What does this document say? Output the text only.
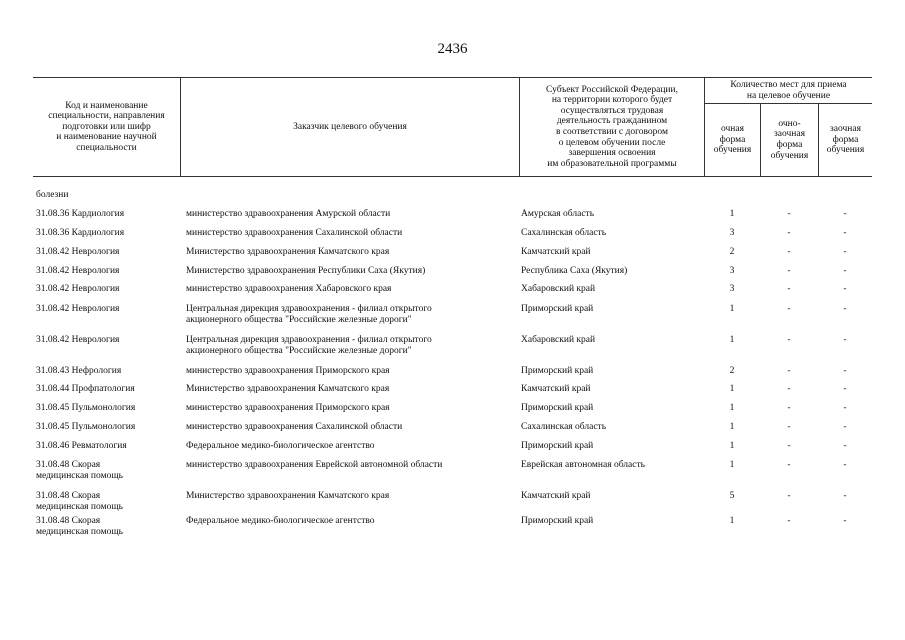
2436
Код и наименование
специальности, направления
подготовки или шифр
и наименование научной
специальности
Заказчик целевого обучения
Субъект Российской Федерации,
на территории которого будет
осуществляться трудовая
деятельность гражданином
в соответствии с договором
о целевом обучении после
завершения освоения
им образовательной программы
Количество мест для приема
на целевое обучение
очная
форма
обучения
очно-
заочная
форма
обучения
заочная
форма
обучения
болезни
31.08.36 Кардиология	министерство здравоохранения Амурской области	Амурская область	1	-	-
31.08.36 Кардиология	министерство здравоохранения Сахалинской области	Сахалинская область	3	-	-
31.08.42 Неврология	Министерство здравоохранения Камчатского края	Камчатский край	2	-	-
31.08.42 Неврология	Министерство здравоохранения Республики Саха (Якутия)	Республика Саха (Якутия)	3	-	-
31.08.42 Неврология	министерство здравоохранения Хабаровского края	Хабаровский край	3	-	-
31.08.42 Неврология	Центральная дирекция здравоохранения - филиал открытого
акционерного общества "Российские железные дороги"
Приморский край	1	-	-
31.08.42 Неврология	Центральная дирекция здравоохранения - филиал открытого
акционерного общества "Российские железные дороги"
Хабаровский край	1	-	-
31.08.43 Нефрология	министерство здравоохранения Приморского края	Приморский край	2	-	-
31.08.44 Профпатология	Министерство здравоохранения Камчатского края	Камчатский край	1	-	-
31.08.45 Пульмонология	министерство здравоохранения Приморского края	Приморский край	1	-	-
31.08.45 Пульмонология	министерство здравоохранения Сахалинской области	Сахалинская область	1	-	-
31.08.46 Ревматология	Федеральное медико-биологическое агентство	Приморский край	1	-	-
31.08.48 Скорая
медицинская помощь
министерство здравоохранения Еврейской автономной области	Еврейская автономная область	1	-	-
31.08.48 Скорая
медицинская помощь
Министерство здравоохранения Камчатского края	Камчатский край	5	-	-
31.08.48 Скорая
медицинская помощь
Федеральное медико-биологическое агентство	Приморский край	1	-	-
